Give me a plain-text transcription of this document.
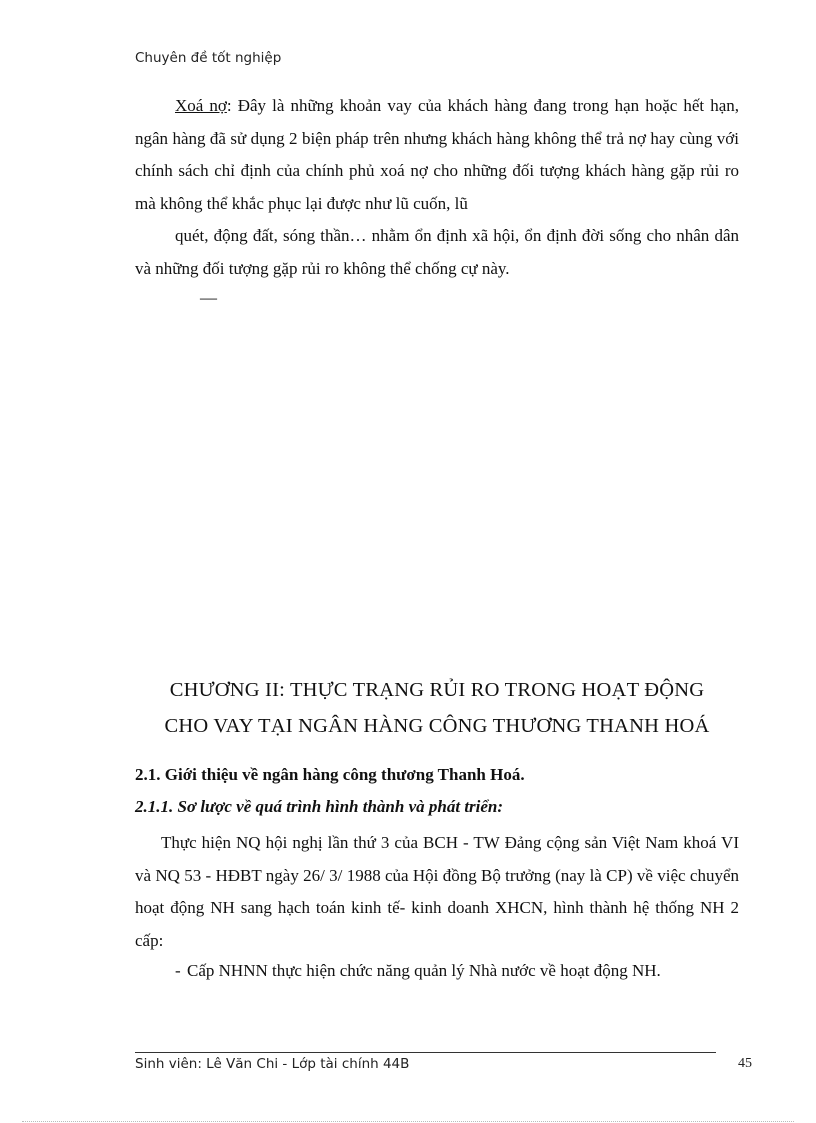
Chuyên đề tốt nghiệp
Xoá nợ: Đây là những khoản vay của khách hàng đang trong hạn hoặc hết hạn, ngân hàng đã sử dụng 2 biện pháp trên nhưng khách hàng không thể trả nợ hay cùng với chính sách chỉ định của chính phủ xoá nợ cho những đối tượng khách hàng gặp rủi ro mà không thể khắc phục lại được như lũ cuốn, lũ
quét, động đất, sóng thần… nhằm ổn định xã hội, ổn định đời sống cho nhân dân và những đối tượng gặp rủi ro không thể chống cự này.
—
CHƯƠNG II: THỰC TRẠNG RỦI RO TRONG HOẠT ĐỘNG
CHO VAY TẠI NGÂN HÀNG CÔNG THƯƠNG THANH HOÁ
2.1. Giới thiệu về ngân hàng công thương Thanh Hoá.
2.1.1. Sơ lược về quá trình hình thành và phát triển:
Thực hiện NQ hội nghị lần thứ 3 của BCH - TW Đảng cộng sản Việt Nam khoá VI và NQ 53 - HĐBT ngày 26/ 3/ 1988 của Hội đồng Bộ trưởng (nay là CP) về việc chuyển hoạt động NH sang hạch toán kinh tế- kinh doanh XHCN, hình thành hệ thống NH 2 cấp:
- Cấp NHNN thực hiện chức năng quản lý Nhà nước về hoạt động NH.
Sinh viên: Lê Văn Chi - Lớp tài chính 44B	45
